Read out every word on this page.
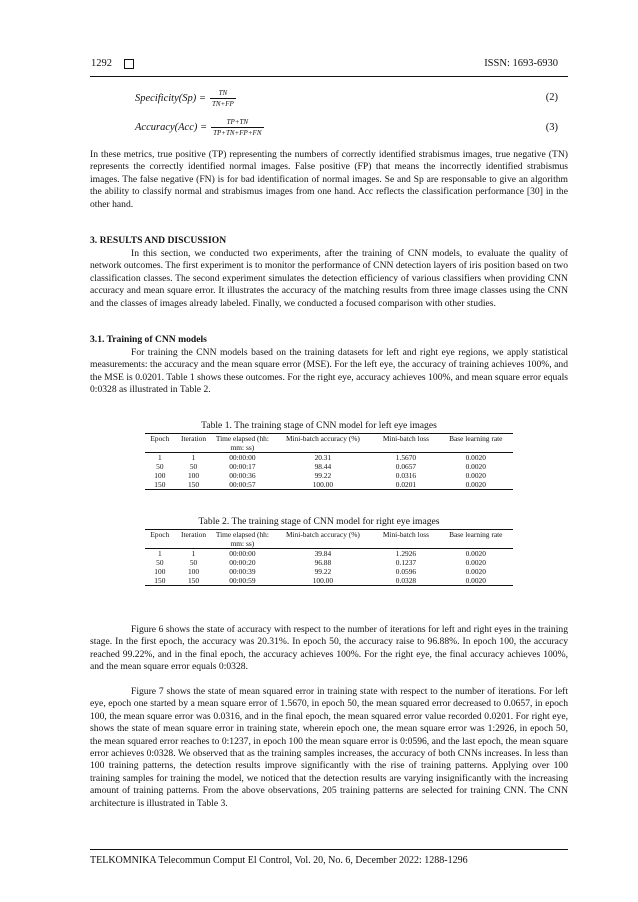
1292	ISSN: 1693-6930
Specificity(Sp) = $\frac{TN}{TN+FP}$	(2)
Accuracy(Acc) = $\frac{TP+TN}{TP+TN+FP+FN}$	(3)

In these metrics, true positive (TP) representing the numbers of correctly identified strabismus images, true negative (TN) represents the correctly identified normal images. False positive (FP) that means the incorrectly identified strabismus images. The false negative (FN) is for bad identification of normal images. Se and Sp are responsable to give an algorithm the ability to classify normal and strabismus images from one hand. Acc reflects the classification performance [30] in the other hand.

3. RESULTS AND DISCUSSION

In this section, we conducted two experiments, after the training of CNN models, to evaluate the quality of network outcomes. The first experiment is to monitor the performance of CNN detection layers of iris position based on two classification classes. The second experiment simulates the detection efficiency of various classifiers when providing CNN accuracy and mean square error. It illustrates the accuracy of the matching results from three image classes using the CNN and the classes of images already labeled. Finally, we conducted a focused comparison with other studies.

3.1. Training of CNN models

For training the CNN models based on the training datasets for left and right eye regions, we apply statistical measurements: the accuracy and the mean square error (MSE). For the left eye, the accuracy of training achieves 100%, and the MSE is 0.0201. Table 1 shows these outcomes. For the right eye, accuracy achieves 100%, and mean square error equals 0:0328 as illustrated in Table 2.

Table 1. The training stage of CNN model for left eye images
Epoch	Iteration	Time elapsed (hh: mm: ss)	Mini-batch accuracy (%)	Mini-batch loss	Base learning rate
1	1	00:00:00	20.31	1.5670	0.0020
50	50	00:00:17	98.44	0.0657	0.0020
100	100	00:00:36	99.22	0.0316	0.0020
150	150	00:00:57	100.00	0.0201	0.0020
Table 2. The training stage of CNN model for right eye images
Epoch	Iteration	Time elapsed (hh: mm: ss)	Mini-batch accuracy (%)	Mini-batch loss	Base learning rate
1	1	00:00:00	39.84	1.2926	0.0020
50	50	00:00:20	96.88	0.1237	0.0020
100	100	00:00:39	99.22	0.0596	0.0020
150	150	00:00:59	100.00	0.0328	0.0020

Figure 6 shows the state of accuracy with respect to the number of iterations for left and right eyes in the training stage. In the first epoch, the accuracy was 20.31%. In epoch 50, the accuracy raise to 96.88%. In epoch 100, the accuracy reached 99.22%, and in the final epoch, the accuracy achieves 100%. For the right eye, the final accuracy achieves 100%, and the mean square error equals 0:0328.

Figure 7 shows the state of mean squared error in training state with respect to the number of iterations. For left eye, epoch one started by a mean square error of 1.5670, in epoch 50, the mean squared error decreased to 0.0657, in epoch 100, the mean square error was 0.0316, and in the final epoch, the mean squared error value recorded 0.0201. For right eye, shows the state of mean square error in training state, wherein epoch one, the mean square error was 1:2926, in epoch 50, the mean squared error reaches to 0:1237, in epoch 100 the mean square error is 0:0596, and the last epoch, the mean square error achieves 0:0328. We observed that as the training samples increases, the accuracy of both CNNs increases. In less than 100 training patterns, the detection results improve significantly with the rise of training patterns. Applying over 100 training samples for training the model, we noticed that the detection results are varying insignificantly with the increasing amount of training patterns. From the above observations, 205 training patterns are selected for training CNN. The CNN architecture is illustrated in Table 3.

TELKOMNIKA Telecommun Comput El Control, Vol. 20, No. 6, December 2022: 1288-1296
